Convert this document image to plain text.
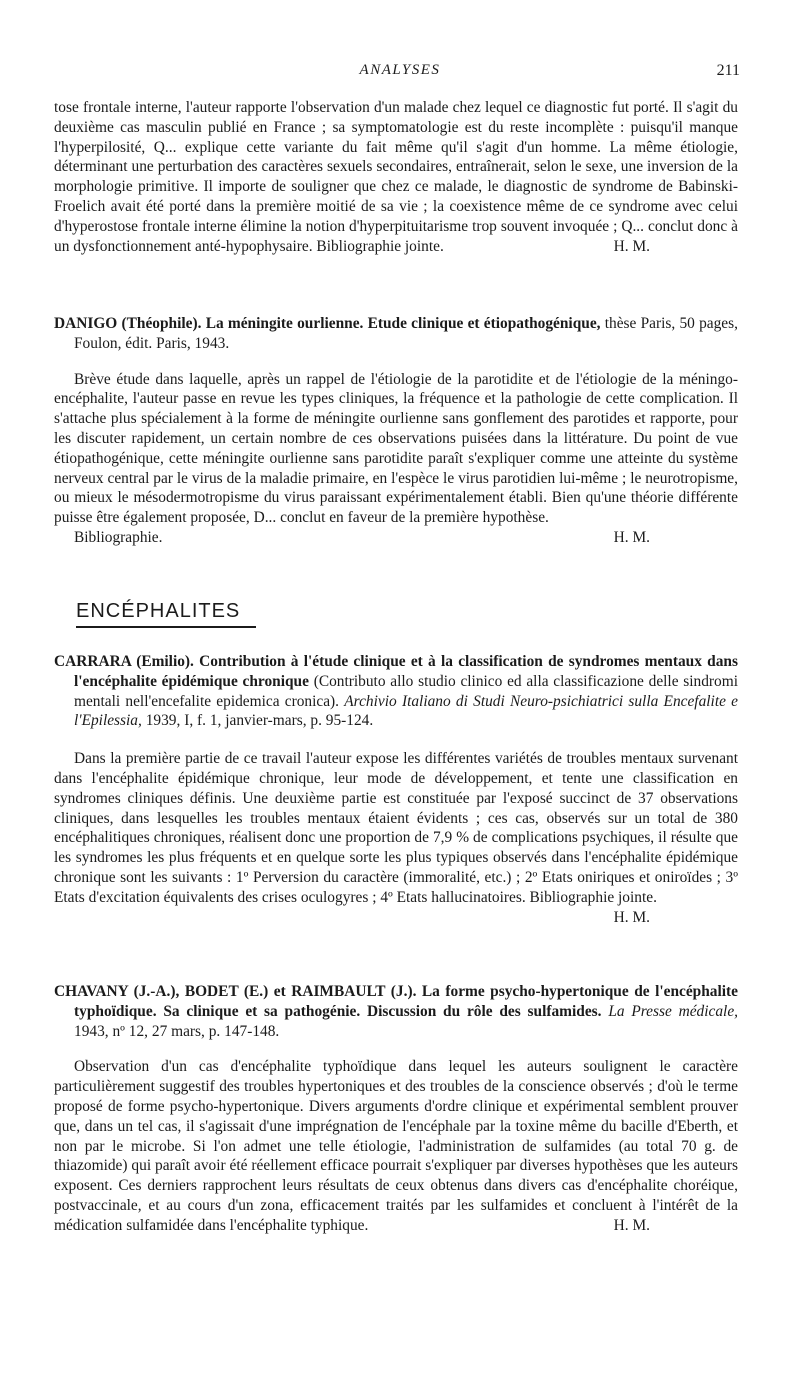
ANALYSES	211

tose frontale interne, l'auteur rapporte l'observation d'un malade chez lequel ce diagnostic fut porté. Il s'agit du deuxième cas masculin publié en France ; sa symptomatologie est du reste incomplète : puisqu'il manque l'hyperpilosité, Q... explique cette variante du fait même qu'il s'agit d'un homme. La même étiologie, déterminant une perturbation des caractères sexuels secondaires, entraînerait, selon le sexe, une inversion de la morphologie primitive. Il importe de souligner que chez ce malade, le diagnostic de syndrome de Babinski-Froelich avait été porté dans la première moitié de sa vie ; la coexistence même de ce syndrome avec celui d'hyperostose frontale interne élimine la notion d'hyperpituitarisme trop souvent invoquée ; Q... conclut donc à un dysfonctionnement anté-hypophysaire. Bibliographie jointe.	H. M.

DANIGO (Théophile). La méningite ourlienne. Etude clinique et étiopathogénique, thèse Paris, 50 pages, Foulon, édit. Paris, 1943.

Brève étude dans laquelle, après un rappel de l'étiologie de la parotidite et de l'étiologie de la méningo-encéphalite, l'auteur passe en revue les types cliniques, la fréquence et la pathologie de cette complication. Il s'attache plus spécialement à la forme de méningite ourlienne sans gonflement des parotides et rapporte, pour les discuter rapidement, un certain nombre de ces observations puisées dans la littérature. Du point de vue étiopathogénique, cette méningite ourlienne sans parotidite paraît s'expliquer comme une atteinte du système nerveux central par le virus de la maladie primaire, en l'espèce le virus parotidien lui-même ; le neurotropisme, ou mieux le mésodermotropisme du virus paraissant expérimentalement établi. Bien qu'une théorie différente puisse être également proposée, D... conclut en faveur de la première hypothèse.

Bibliographie.	H. M.

ENCÉPHALITES

CARRARA (Emilio). Contribution à l'étude clinique et à la classification de syndromes mentaux dans l'encéphalite épidémique chronique (Contributo allo studio clinico ed alla classificazione delle sindromi mentali nell'encefalite epidemica cronica). Archivio Italiano di Studi Neuro-psichiatrici sulla Encefalite e l'Epilessia, 1939, I, f. 1, janvier-mars, p. 95-124.

Dans la première partie de ce travail l'auteur expose les différentes variétés de troubles mentaux survenant dans l'encéphalite épidémique chronique, leur mode de développement, et tente une classification en syndromes cliniques définis. Une deuxième partie est constituée par l'exposé succinct de 37 observations cliniques, dans lesquelles les troubles mentaux étaient évidents ; ces cas, observés sur un total de 380 encéphalitiques chroniques, réalisent donc une proportion de 7,9 % de complications psychiques, il résulte que les syndromes les plus fréquents et en quelque sorte les plus typiques observés dans l'encéphalite épidémique chronique sont les suivants : 1º Perversion du caractère (immoralité, etc.) ; 2º Etats oniriques et oniroïdes ; 3º Etats d'excitation équivalents des crises oculogyres ; 4º Etats hallucinatoires. Bibliographie jointe.
H. M.

CHAVANY (J.-A.), BODET (E.) et RAIMBAULT (J.). La forme psycho-hypertonique de l'encéphalite typhoïdique. Sa clinique et sa pathogénie. Discussion du rôle des sulfamides. La Presse médicale, 1943, nº 12, 27 mars, p. 147-148.

Observation d'un cas d'encéphalite typhoïdique dans lequel les auteurs soulignent le caractère particulièrement suggestif des troubles hypertoniques et des troubles de la conscience observés ; d'où le terme proposé de forme psycho-hypertonique. Divers arguments d'ordre clinique et expérimental semblent prouver que, dans un tel cas, il s'agissait d'une imprégnation de l'encéphale par la toxine même du bacille d'Eberth, et non par le microbe. Si l'on admet une telle étiologie, l'administration de sulfamides (au total 70 g. de thiazomide) qui paraît avoir été réellement efficace pourrait s'expliquer par diverses hypothèses que les auteurs exposent. Ces derniers rapprochent leurs résultats de ceux obtenus dans divers cas d'encéphalite choréique, postvaccinale, et au cours d'un zona, efficacement traités par les sulfamides et concluent à l'intérêt de la médication sulfamidée dans l'encéphalite typhique.	H. M.
